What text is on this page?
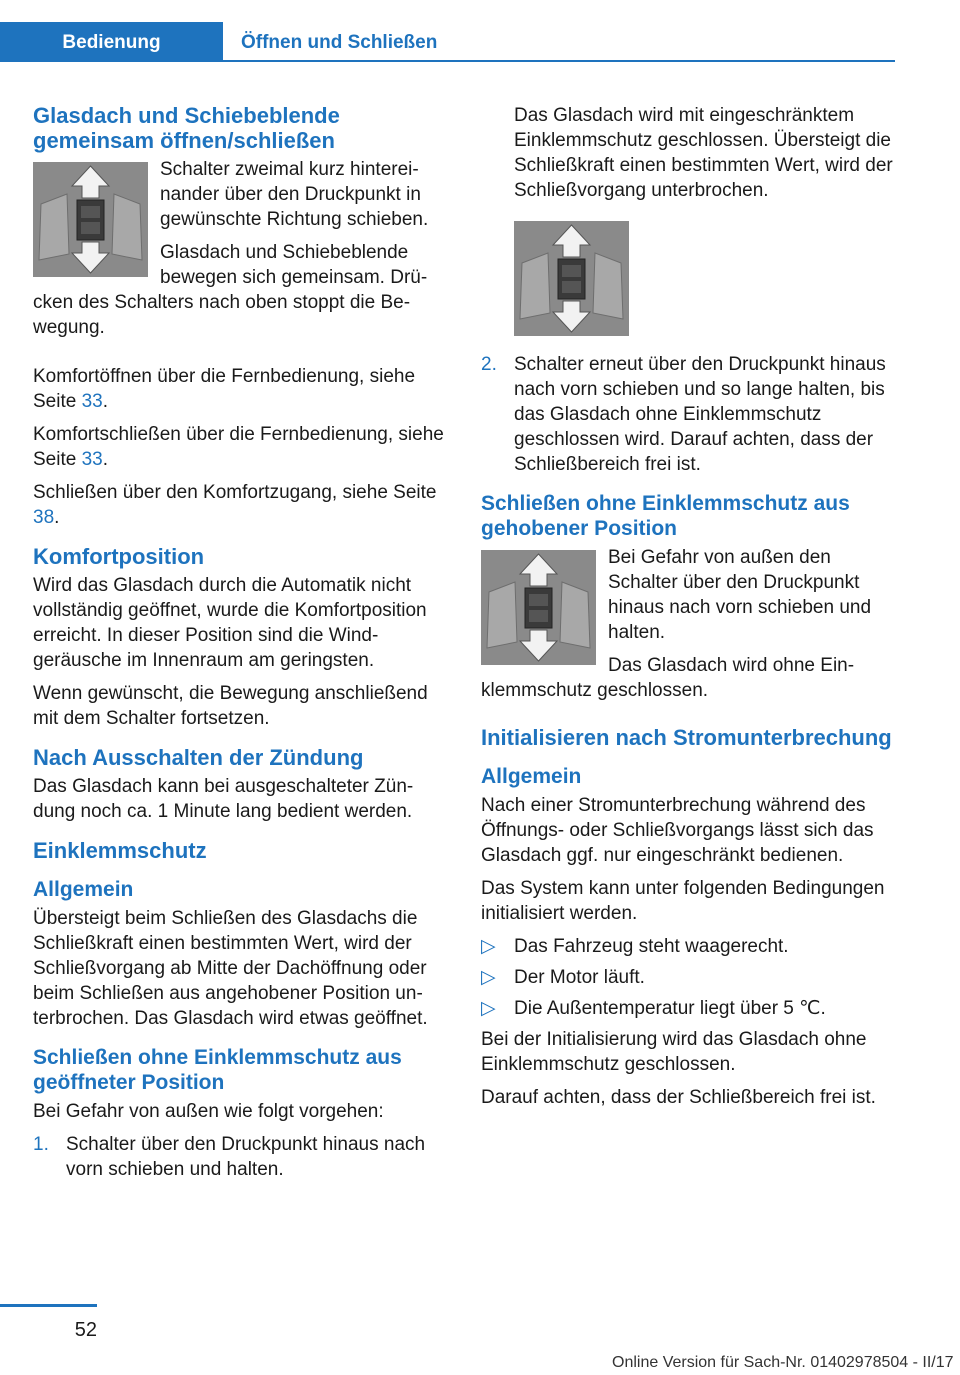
Bedienung	Öffnen und Schließen
Glasdach und Schiebeblende gemeinsam öffnen/schließen

Schalter zweimal kurz hintereinander über den Druckpunkt in gewünschte Richtung schieben.

Glasdach und Schiebeblende bewegen sich gemeinsam. Drücken des Schalters nach oben stoppt die Bewegung.

Komfortöffnen über die Fernbedienung, siehe Seite 33.

Komfortschließen über die Fernbedienung, siehe Seite 33.

Schließen über den Komfortzugang, siehe Seite 38.

Komfortposition

Wird das Glasdach durch die Automatik nicht vollständig geöffnet, wurde die Komfortposition erreicht. In dieser Position sind die Windgeräusche im Innenraum am geringsten.

Wenn gewünscht, die Bewegung anschließend mit dem Schalter fortsetzen.

Nach Ausschalten der Zündung

Das Glasdach kann bei ausgeschalteter Zündung noch ca. 1 Minute lang bedient werden.

Einklemmschutz
Allgemein

Übersteigt beim Schließen des Glasdachs die Schließkraft einen bestimmten Wert, wird der Schließvorgang ab Mitte der Dachöffnung oder beim Schließen aus angehobener Position unterbrochen. Das Glasdach wird etwas geöffnet.

Schließen ohne Einklemmschutz aus geöffneter Position

Bei Gefahr von außen wie folgt vorgehen:

1. Schalter über den Druckpunkt hinaus nach vorn schieben und halten.

Das Glasdach wird mit eingeschränktem Einklemmschutz geschlossen. Übersteigt die Schließkraft einen bestimmten Wert, wird der Schließvorgang unterbrochen.

2. Schalter erneut über den Druckpunkt hinaus nach vorn schieben und so lange halten, bis das Glasdach ohne Einklemmschutz geschlossen wird. Darauf achten, dass der Schließbereich frei ist.
Schließen ohne Einklemmschutz aus gehobener Position

Bei Gefahr von außen den Schalter über den Druckpunkt hinaus nach vorn schieben und halten.

Das Glasdach wird ohne Einklemmschutz geschlossen.

Initialisieren nach Stromunterbrechung
Allgemein

Nach einer Stromunterbrechung während des Öffnungs- oder Schließvorgangs lässt sich das Glasdach ggf. nur eingeschränkt bedienen.

Das System kann unter folgenden Bedingungen initialisiert werden.

▷ Das Fahrzeug steht waagerecht.
▷ Der Motor läuft.
▷ Die Außentemperatur liegt über 5 ℃.

Bei der Initialisierung wird das Glasdach ohne Einklemmschutz geschlossen.

Darauf achten, dass der Schließbereich frei ist.

52
Online Version für Sach-Nr. 01402978504 - II/17
